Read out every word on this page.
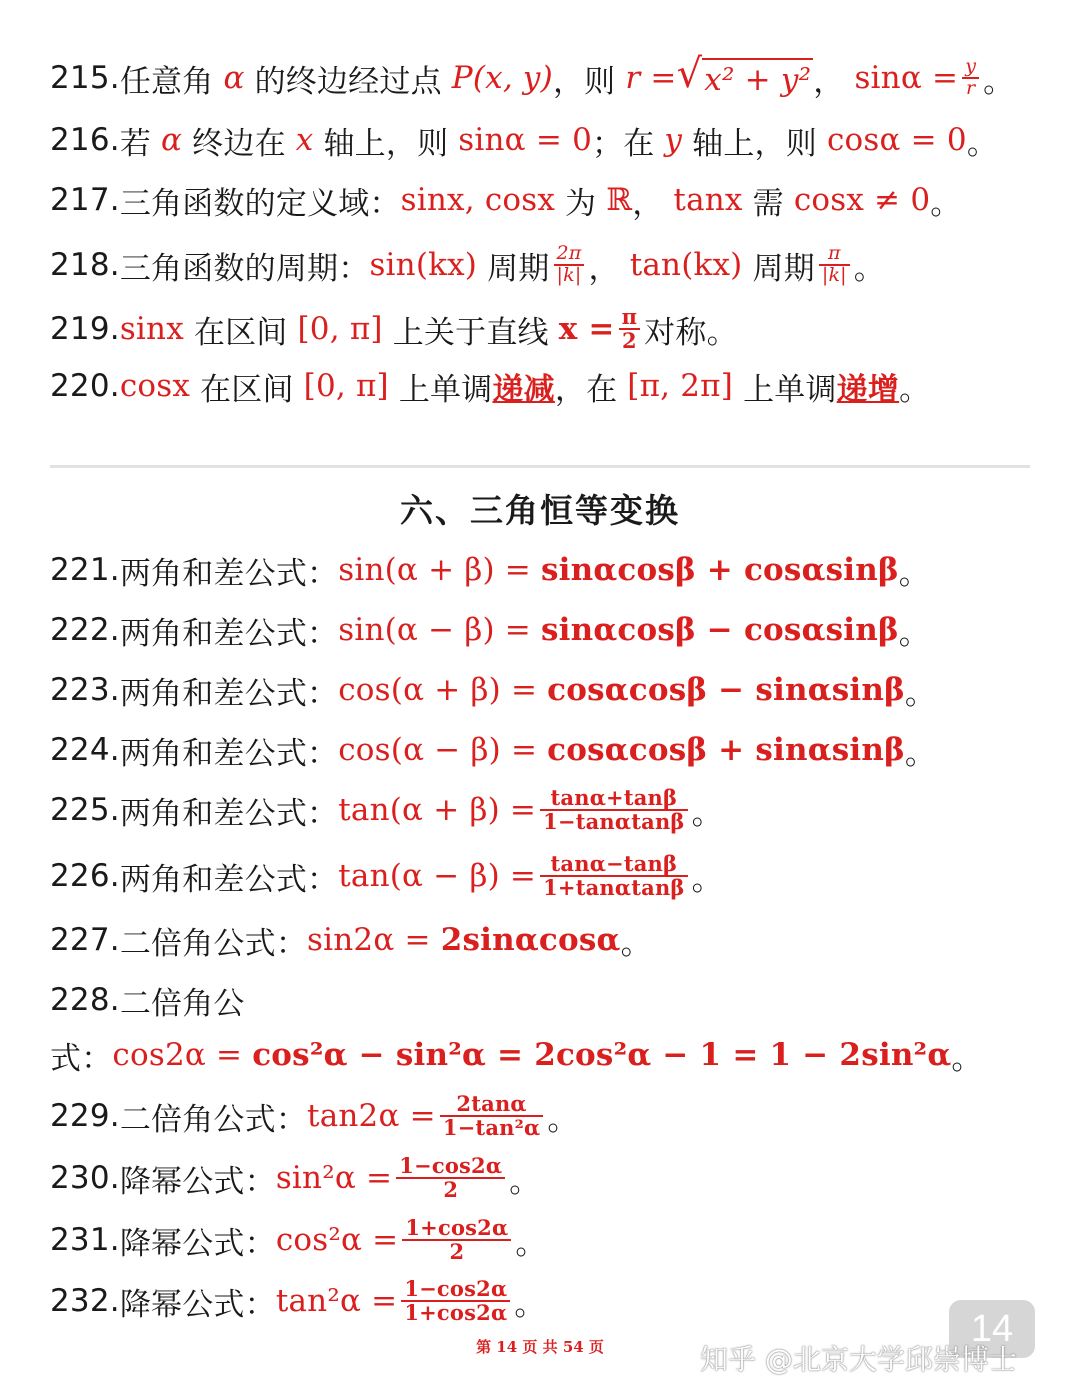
215. 任意角 α 的终边经过点 P(x, y) ，则 r = √ x² + y² ， $\sin\alpha = \frac{y}{r}$ 。
216. 若 α 终边在 x 轴上，则 sinα = 0 ；在 y 轴上，则 cosα = 0 。
217. 三角函数的定义域： sinx, cosx 为 ℝ ， tanx 需 cosx ≠ 0 。
218. 三角函数的周期： sin(kx) 周期 $\frac{2\pi}{|k|}$ ， tan(kx) 周期 $\frac{\pi}{|k|}$ 。
219. sinx 在区间 [0, π] 上关于直线 $x = \frac{\pi}{2}$ 对称 。
220. cosx 在区间 [0, π] 上单调 递减 ，在 [π, 2π] 上单调 递增 。
六、三角恒等变换
221. 两角和差公式： sin(α + β) = sinαcosβ + cosαsinβ 。
222. 两角和差公式： sin(α − β) = sinαcosβ − cosαsinβ 。
223. 两角和差公式： cos(α + β) = cosαcosβ − sinαsinβ 。
224. 两角和差公式： cos(α − β) = cosαcosβ + sinαsinβ 。
225. 两角和差公式： $\tan(\alpha + \beta) = \frac{\tan\alpha+\tan\beta}{1-\tan\alpha\tan\beta}$ 。
226. 两角和差公式： $\tan(\alpha - \beta) = \frac{\tan\alpha-\tan\beta}{1+\tan\alpha\tan\beta}$ 。
227. 二倍角公式： sin2α = 2sinαcosα 。
228. 二倍角公
式： cos2α = cos²α − sin²α = 2cos²α − 1 = 1 − 2sin²α 。
229. 二倍角公式： $\tan 2\alpha = \frac{2\tan\alpha}{\text{1−tan²α}}$ 。
230. 降幂公式： $\sin^2\alpha = \frac{1-\cos 2\alpha}{2}$ 。
231. 降幂公式： $\cos^2\alpha = \frac{1+\cos 2\alpha}{2}$ 。
232. 降幂公式： $\tan^2\alpha = \frac{1-\cos 2\alpha}{1+\cos 2\alpha}$ 。
第 14 页 共 54 页	14
知乎 @北京大学邱崇博士
